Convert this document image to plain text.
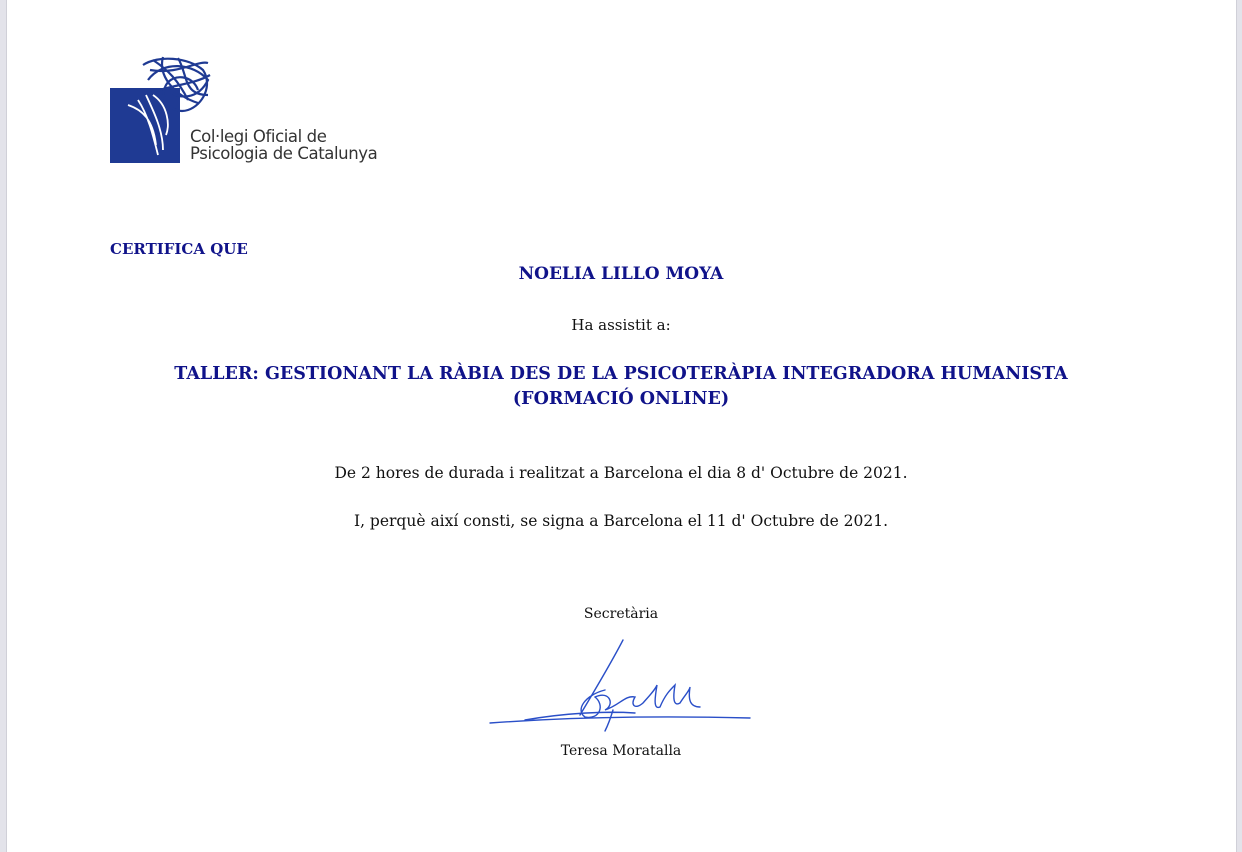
Col·legi Oficial de
Psicologia de Catalunya
CERTIFICA QUE
NOELIA LILLO MOYA
Ha assistit a:
TALLER: GESTIONANT LA RÀBIA DES DE LA PSICOTERÀPIA INTEGRADORA HUMANISTA
(FORMACIÓ ONLINE)
De 2 hores de durada i realitzat a Barcelona el dia 8 d' Octubre de 2021.
I, perquè així consti, se signa a Barcelona el 11 d' Octubre de 2021.
Secretària
Teresa Moratalla
